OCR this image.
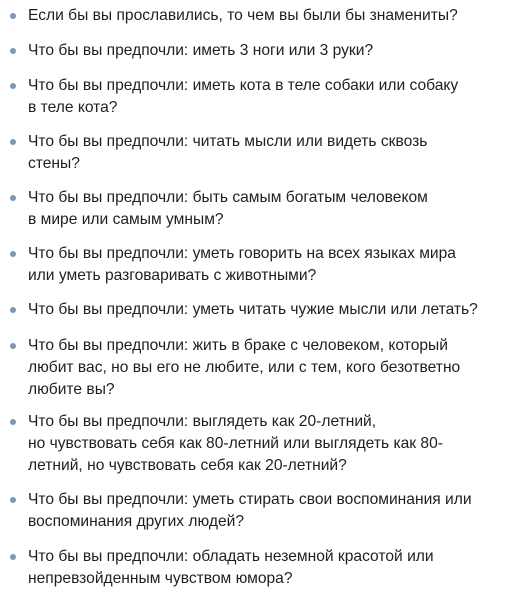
Если бы вы прославились, то чем вы были бы знамениты?
Что бы вы предпочли: иметь 3 ноги или 3 руки?
Что бы вы предпочли: иметь кота в теле собаки или собаку
в теле кота?
Что бы вы предпочли: читать мысли или видеть сквозь
стены?
Что бы вы предпочли: быть самым богатым человеком
в мире или самым умным?
Что бы вы предпочли: уметь говорить на всех языках мира
или уметь разговаривать с животными?
Что бы вы предпочли: уметь читать чужие мысли или летать?
Что бы вы предпочли: жить в браке с человеком, который
любит вас, но вы его не любите, или с тем, кого безответно
любите вы?
Что бы вы предпочли: выглядеть как 20-летний,
но чувствовать себя как 80-летний или выглядеть как 80-
летний, но чувствовать себя как 20-летний?
Что бы вы предпочли: уметь стирать свои воспоминания или
воспоминания других людей?
Что бы вы предпочли: обладать неземной красотой или
непревзойденным чувством юмора?
